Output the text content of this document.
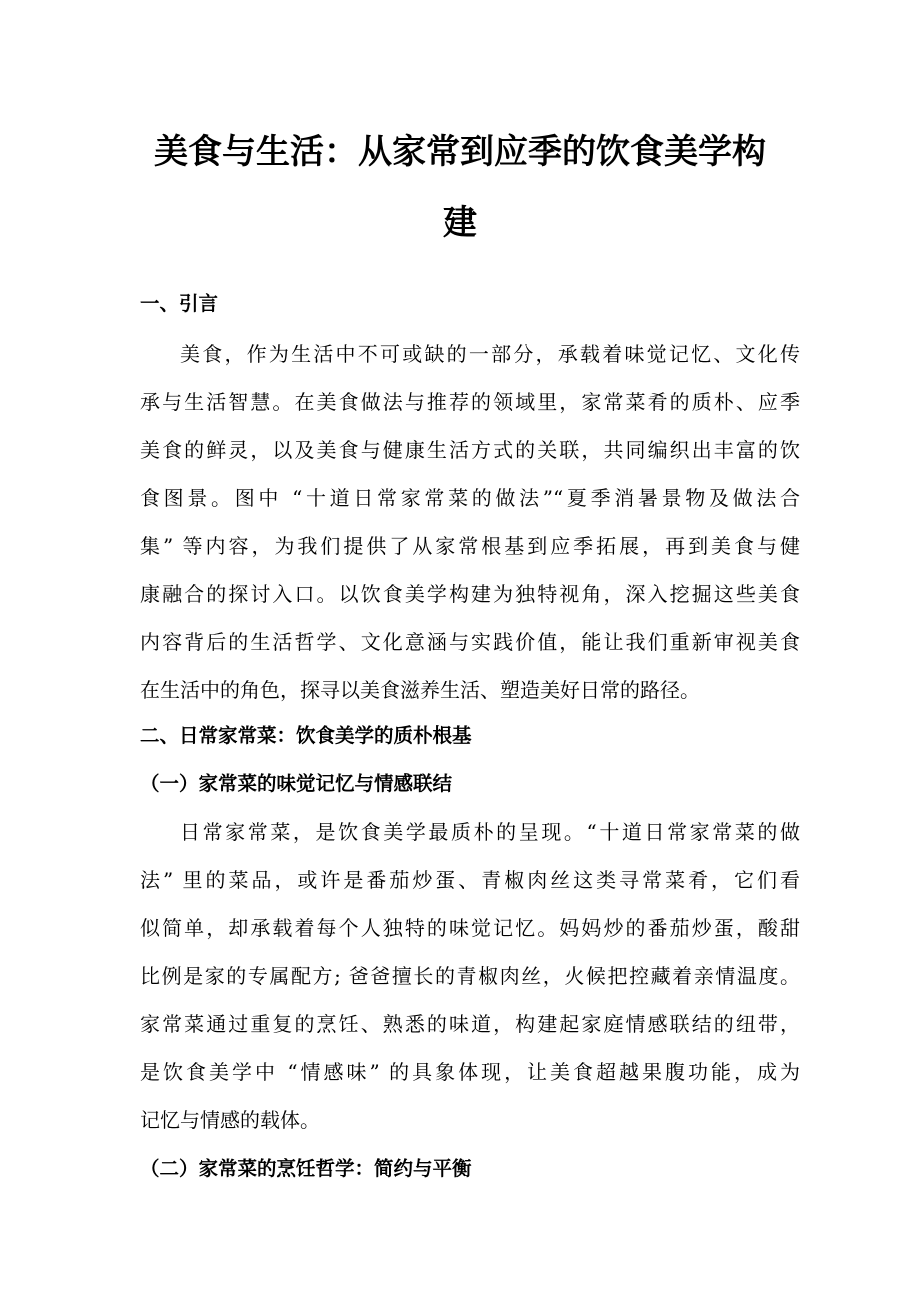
美食与生活：从家常到应季的饮食美学构
建
一、引言
美食，作为生活中不可或缺的一部分，承载着味觉记忆、文化传
承与生活智慧。在美食做法与推荐的领域里，家常菜肴的质朴、应季
美食的鲜灵，以及美食与健康生活方式的关联，共同编织出丰富的饮
食图景。图中 “十道日常家常菜的做法”“夏季消暑景物及做法合
集” 等内容，为我们提供了从家常根基到应季拓展，再到美食与健
康融合的探讨入口。以饮食美学构建为独特视角，深入挖掘这些美食
内容背后的生活哲学、文化意涵与实践价值，能让我们重新审视美食
在生活中的角色，探寻以美食滋养生活、塑造美好日常的路径。
二、日常家常菜：饮食美学的质朴根基
（一）家常菜的味觉记忆与情感联结
日常家常菜，是饮食美学最质朴的呈现。“十道日常家常菜的做
法” 里的菜品，或许是番茄炒蛋、青椒肉丝这类寻常菜肴，它们看
似简单，却承载着每个人独特的味觉记忆。妈妈炒的番茄炒蛋，酸甜
比例是家的专属配方; 爸爸擅长的青椒肉丝，火候把控藏着亲情温度。
家常菜通过重复的烹饪、熟悉的味道，构建起家庭情感联结的纽带，
是饮食美学中 “情感味” 的具象体现，让美食超越果腹功能，成为
记忆与情感的载体。
（二）家常菜的烹饪哲学：简约与平衡
